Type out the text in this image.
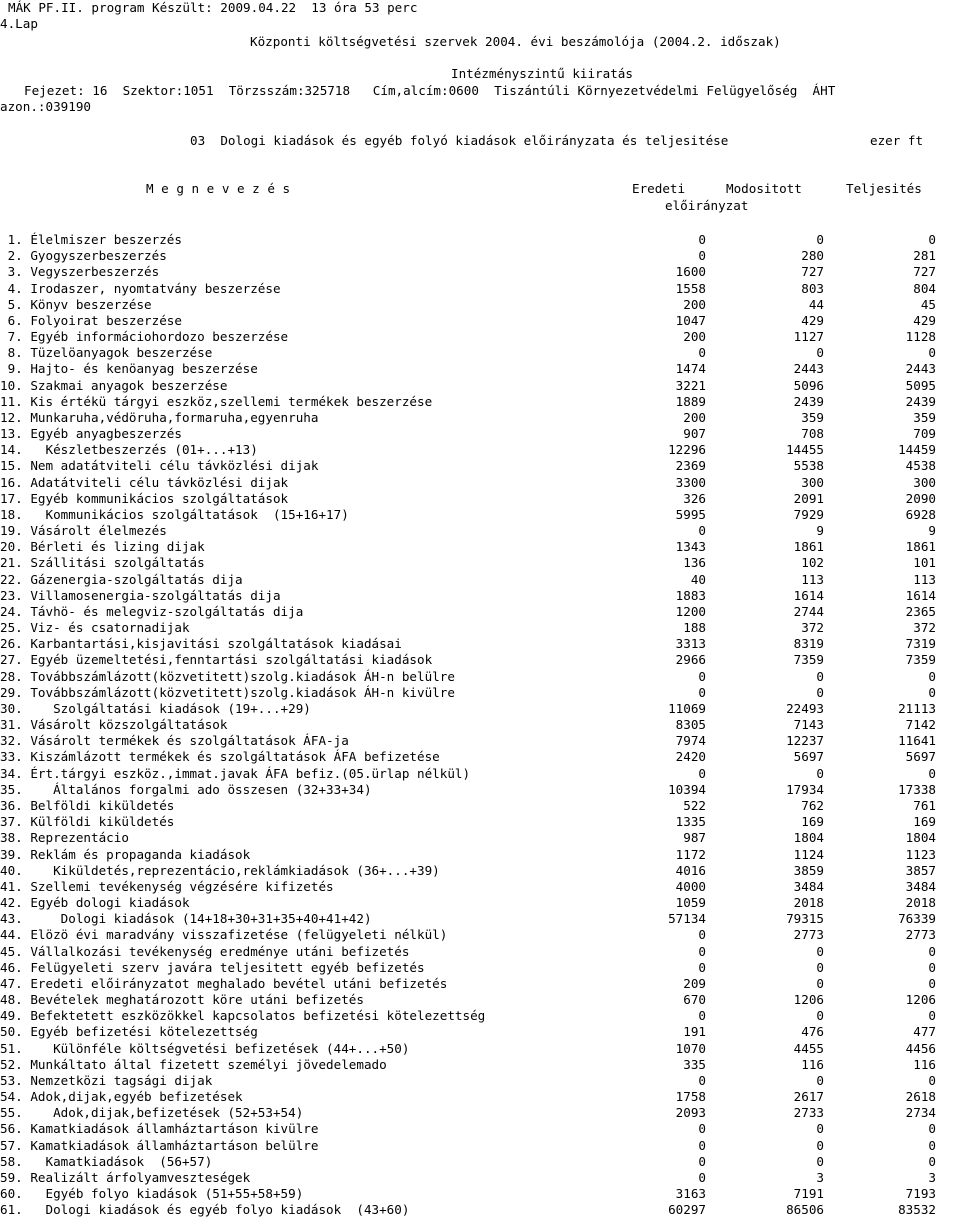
MÁK PF.II. program Készült: 2009.04.22  13 óra 53 perc
4.Lap
Központi költségvetési szervek 2004. évi beszámolója (2004.2. időszak)
Intézményszintű kiiratás
Fejezet: 16  Szektor:1051  Törzsszám:325718   Cím,alcím:0600  Tiszántúli Környezetvédelmi Felügyelőség  ÁHT
azon.:039190
03  Dologi kiadások és egyéb folyó kiadások előirányzata és teljesitése	ezer ft
M e g n e v e z é s	Eredeti
előirányzat
Modositott	Teljesités
1. Élelmiszer beszerzés	0	0	0
2. Gyogyszerbeszerzés	0	280	281
3. Vegyszerbeszerzés	1600	727	727
4. Irodaszer, nyomtatvány beszerzése	1558	803	804
5. Könyv beszerzése	200	44	45
6. Folyoirat beszerzése	1047	429	429
7. Egyéb informáciohordozo beszerzése	200	1127	1128
8. Tüzelöanyagok beszerzése	0	0	0
9. Hajto- és kenöanyag beszerzése	1474	2443	2443
10. Szakmai anyagok beszerzése	3221	5096	5095
11. Kis értékü tárgyi eszköz,szellemi termékek beszerzése	1889	2439	2439
12. Munkaruha,védöruha,formaruha,egyenruha	200	359	359
13. Egyéb anyagbeszerzés	907	708	709
14.   Készletbeszerzés (01+...+13)	12296	14455	14459
15. Nem adatátviteli célu távközlési dijak	2369	5538	4538
16. Adatátviteli célu távközlési dijak	3300	300	300
17. Egyéb kommunikácios szolgáltatások	326	2091	2090
18.   Kommunikácios szolgáltatások  (15+16+17)	5995	7929	6928
19. Vásárolt élelmezés	0	9	9
20. Bérleti és lizing dijak	1343	1861	1861
21. Szállitási szolgáltatás	136	102	101
22. Gázenergia-szolgáltatás dija	40	113	113
23. Villamosenergia-szolgáltatás dija	1883	1614	1614
24. Távhö- és melegviz-szolgáltatás dija	1200	2744	2365
25. Viz- és csatornadijak	188	372	372
26. Karbantartási,kisjavitási szolgáltatások kiadásai	3313	8319	7319
27. Egyéb üzemeltetési,fenntartási szolgáltatási kiadások	2966	7359	7359
28. Továbbszámlázott(közvetitett)szolg.kiadások ÁH-n belülre	0	0	0
29. Továbbszámlázott(közvetitett)szolg.kiadások ÁH-n kivülre	0	0	0
30.    Szolgáltatási kiadások (19+...+29)	11069	22493	21113
31. Vásárolt közszolgáltatások	8305	7143	7142
32. Vásárolt termékek és szolgáltatások ÁFA-ja	7974	12237	11641
33. Kiszámlázott termékek és szolgáltatások ÁFA befizetése	2420	5697	5697
34. Ért.tárgyi eszköz.,immat.javak ÁFA befiz.(05.ürlap nélkül)	0	0	0
35.    Általános forgalmi ado összesen (32+33+34)	10394	17934	17338
36. Belföldi kiküldetés	522	762	761
37. Külföldi kiküldetés	1335	169	169
38. Reprezentácio	987	1804	1804
39. Reklám és propaganda kiadások	1172	1124	1123
40.    Kiküldetés,reprezentácio,reklámkiadások (36+...+39)	4016	3859	3857
41. Szellemi tevékenység végzésére kifizetés	4000	3484	3484
42. Egyéb dologi kiadások	1059	2018	2018
43.     Dologi kiadások (14+18+30+31+35+40+41+42)	57134	79315	76339
44. Elözö évi maradvány visszafizetése (felügyeleti nélkül)	0	2773	2773
45. Vállalkozási tevékenység eredménye utáni befizetés	0	0	0
46. Felügyeleti szerv javára teljesitett egyéb befizetés	0	0	0
47. Eredeti előirányzatot meghalado bevétel utáni befizetés	209	0	0
48. Bevételek meghatározott köre utáni befizetés	670	1206	1206
49. Befektetett eszközökkel kapcsolatos befizetési kötelezettség	0	0	0
50. Egyéb befizetési kötelezettség	191	476	477
51.    Különféle költségvetési befizetések (44+...+50)	1070	4455	4456
52. Munkáltato által fizetett személyi jövedelemado	335	116	116
53. Nemzetközi tagsági dijak	0	0	0
54. Adok,dijak,egyéb befizetések	1758	2617	2618
55.    Adok,dijak,befizetések (52+53+54)	2093	2733	2734
56. Kamatkiadások államháztartáson kivülre	0	0	0
57. Kamatkiadások államháztartáson belülre	0	0	0
58.   Kamatkiadások  (56+57)	0	0	0
59. Realizált árfolyamveszteségek	0	3	3
60.   Egyéb folyo kiadások (51+55+58+59)	3163	7191	7193
61.   Dologi kiadások és egyéb folyo kiadások  (43+60)	60297	86506	83532
